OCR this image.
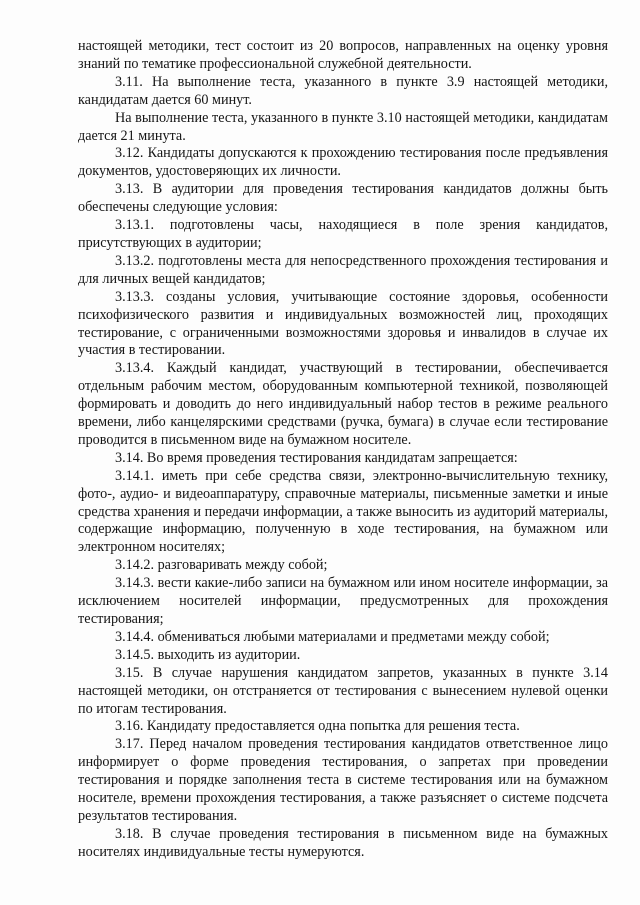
настоящей методики, тест состоит из 20 вопросов, направленных на оценку уровня знаний по тематике профессиональной служебной деятельности.

3.11. На выполнение теста, указанного в пункте 3.9 настоящей методики, кандидатам дается 60 минут.

На выполнение теста, указанного в пункте 3.10 настоящей методики, кандидатам дается 21 минута.

3.12. Кандидаты допускаются к прохождению тестирования после предъявления документов, удостоверяющих их личности.

3.13. В аудитории для проведения тестирования кандидатов должны быть обеспечены следующие условия:

3.13.1. подготовлены часы, находящиеся в поле зрения кандидатов, присутствующих в аудитории;

3.13.2. подготовлены места для непосредственного прохождения тестирования и для личных вещей кандидатов;

3.13.3. созданы условия, учитывающие состояние здоровья, особенности психофизического развития и индивидуальных возможностей лиц, проходящих тестирование, с ограниченными возможностями здоровья и инвалидов в случае их участия в тестировании.

3.13.4. Каждый кандидат, участвующий в тестировании, обеспечивается отдельным рабочим местом, оборудованным компьютерной техникой, позволяющей формировать и доводить до него индивидуальный набор тестов в режиме реального времени, либо канцелярскими средствами (ручка, бумага) в случае если тестирование проводится в письменном виде на бумажном носителе.

3.14. Во время проведения тестирования кандидатам запрещается:

3.14.1. иметь при себе средства связи, электронно-вычислительную технику, фото-, аудио- и видеоаппаратуру, справочные материалы, письменные заметки и иные средства хранения и передачи информации, а также выносить из аудиторий материалы, содержащие информацию, полученную в ходе тестирования, на бумажном или электронном носителях;

3.14.2. разговаривать между собой;

3.14.3. вести какие-либо записи на бумажном или ином носителе информации, за исключением носителей информации, предусмотренных для прохождения тестирования;

3.14.4. обмениваться любыми материалами и предметами между собой;

3.14.5. выходить из аудитории.

3.15. В случае нарушения кандидатом запретов, указанных в пункте 3.14 настоящей методики, он отстраняется от тестирования с вынесением нулевой оценки по итогам тестирования.

3.16. Кандидату предоставляется одна попытка для решения теста.

3.17. Перед началом проведения тестирования кандидатов ответственное лицо информирует о форме проведения тестирования, о запретах при проведении тестирования и порядке заполнения теста в системе тестирования или на бумажном носителе, времени прохождения тестирования, а также разъясняет о системе подсчета результатов тестирования.

3.18. В случае проведения тестирования в письменном виде на бумажных носителях индивидуальные тесты нумеруются.
